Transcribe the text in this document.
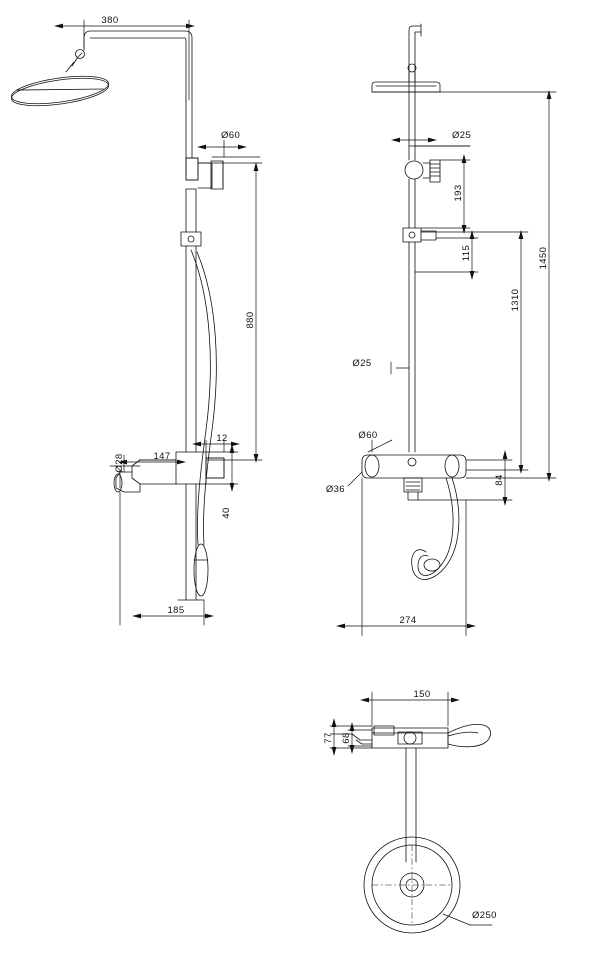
380
Ø60
880
Ø28	147
12
40
185
Ø25
193
115	1450
1310
Ø25
Ø60
Ø36
84
274
150
77 68
Ø250
